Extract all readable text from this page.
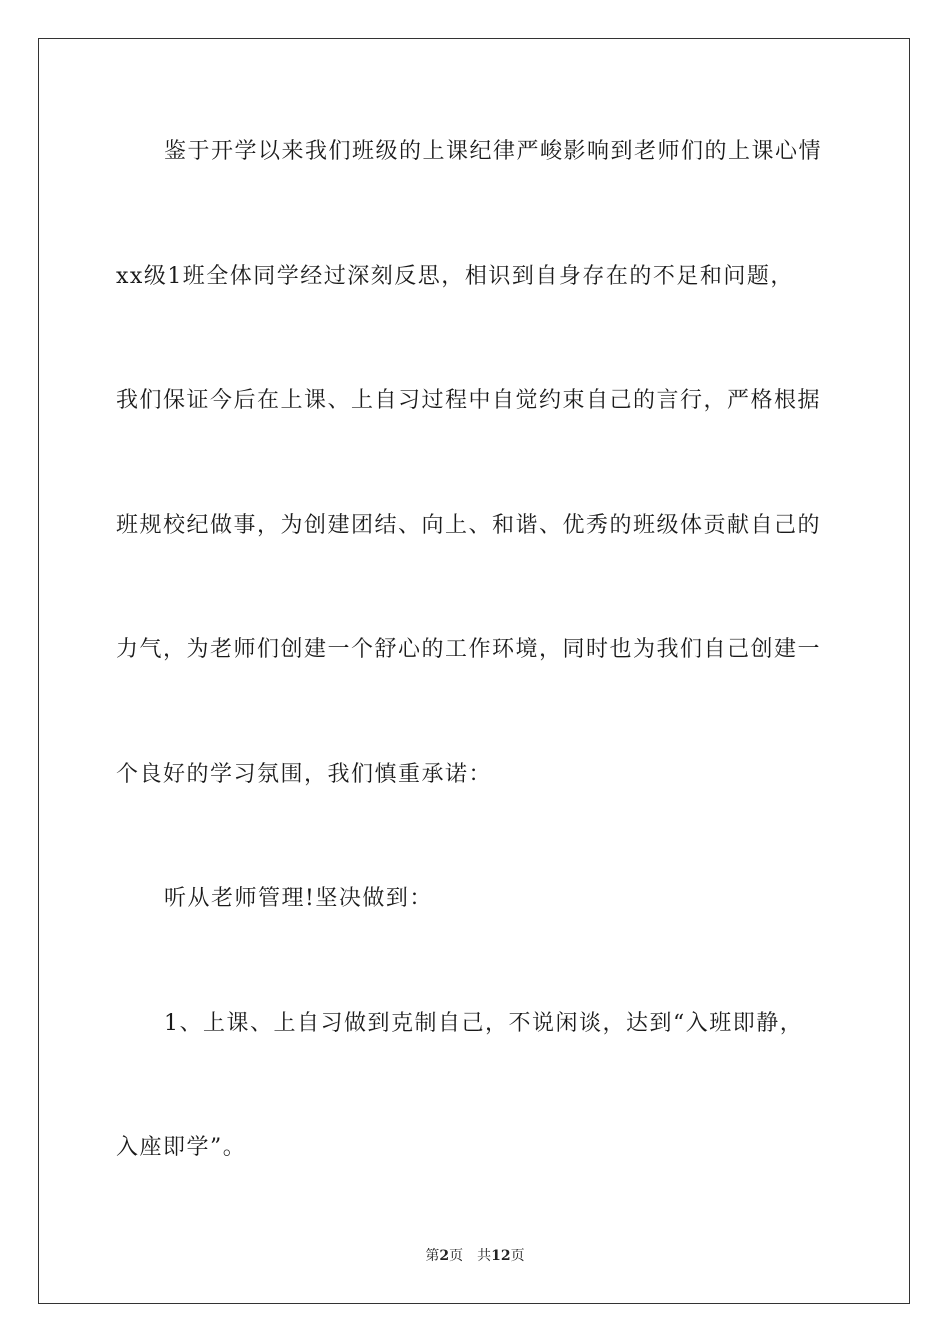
鉴于开学以来我们班级的上课纪律严峻影响到老师们的上课心情
xx级1班全体同学经过深刻反思，相识到自身存在的不足和问题，
我们保证今后在上课、上自习过程中自觉约束自己的言行，严格根据
班规校纪做事，为创建团结、向上、和谐、优秀的班级体贡献自己的
力气，为老师们创建一个舒心的工作环境，同时也为我们自己创建一
个良好的学习氛围，我们慎重承诺：
听从老师管理!坚决做到：
1、上课、上自习做到克制自己，不说闲谈，达到“入班即静，
入座即学”。
第2页 共12页
